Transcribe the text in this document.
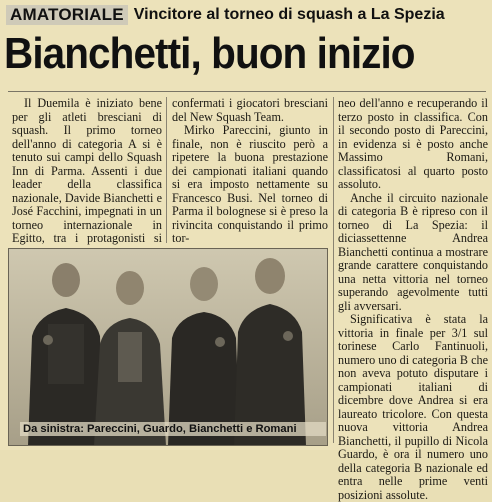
AMATORIALE Vincitore al torneo di squash a La Spezia
Bianchetti, buon inizio

Il Duemila è iniziato bene per gli atleti bresciani di squash. Il primo torneo dell'anno di categoria A si è tenuto sui campi dello Squash Inn di Parma. Assenti i due leader della classifica nazionale, Davide Bianchetti e José Facchini, impegnati in un torneo internazionale in Egitto, tra i protagonisti si

confermati i giocatori bresciani del New Squash Team.

Mirko Pareccini, giunto in finale, non è riuscito però a ripetere la buona prestazione dei campionati italiani quando si era imposto nettamente su Francesco Busi. Nel torneo di Parma il bolognese si è preso la rivincita conquistando il primo tor-

neo dell'anno e recuperando il terzo posto in classifica. Con il secondo posto di Pareccini, in evidenza si è posto anche Massimo Romani, classificatosi al quarto posto assoluto.

Anche il circuito nazionale di categoria B è ripreso con il torneo di La Spezia: il diciassettenne Andrea Bianchetti continua a mostrare grande carattere conquistando una netta vittoria nel torneo superando agevolmente tutti gli avversari.

Significativa è stata la vittoria in finale per 3/1 sul torinese Carlo Fantinuoli, numero uno di categoria B che non aveva potuto disputare i campionati italiani di dicembre dove Andrea si era laureato tricolore. Con questa nuova vittoria Andrea Bianchetti, il pupillo di Nicola Guardo, è ora il numero uno della categoria B nazionale ed entra nelle prime venti posizioni assolute.

Da sinistra: Pareccini, Guardo, Bianchetti e Romani
